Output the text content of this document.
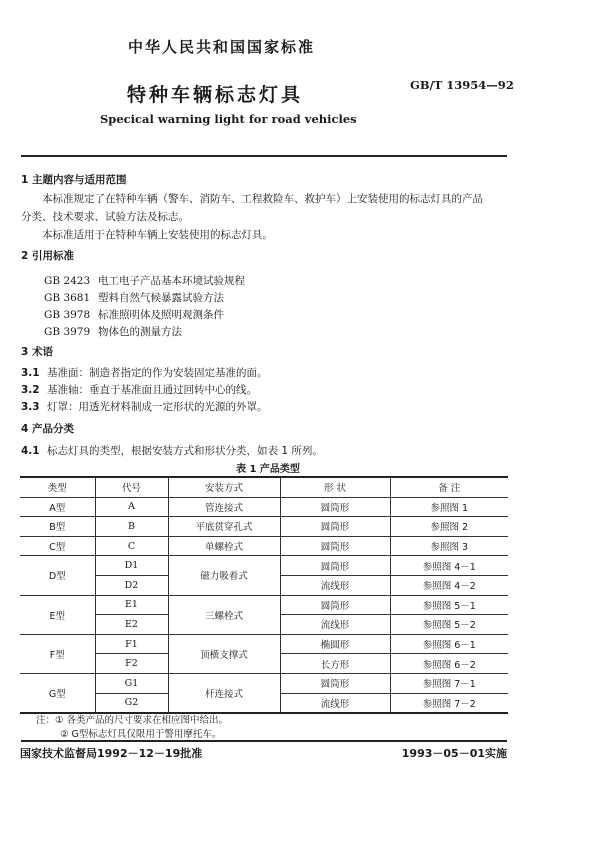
中华人民共和国国家标准
特种车辆标志灯具	GB/T 13954—92
Specical warning light for road vehicles
1 主题内容与适用范围
本标准规定了在特种车辆（警车、消防车、工程救险车、救护车）上安装使用的标志灯具的产品
分类、技术要求、试验方法及标志。
本标准适用于在特种车辆上安装使用的标志灯具。
2 引用标准
GB 2423 电工电子产品基本环境试验规程
GB 3681 塑料自然气候暴露试验方法
GB 3978 标准照明体及照明观测条件
GB 3979 物体色的测量方法
3 术语
3.1 基准面：制造者指定的作为安装固定基准的面。
3.2 基准轴：垂直于基准面且通过回转中心的线。
3.3 灯罩：用透光材料制成一定形状的光源的外罩。
4 产品分类
4.1 标志灯具的类型，根据安装方式和形状分类，如表 1 所列。
表 1 产品类型
类型	代号	安装方式	形 状	备 注
A型	A	管连接式	圆筒形	参照图 1
B型	B	平底贯穿孔式	圆筒形	参照图 2
C型	C	单螺栓式	圆筒形	参照图 3
D型	D1	磁力吸着式	圆筒形	参照图 4－1
	D2		流线形	参照图 4－2
E型	E1	三螺栓式	圆筒形	参照图 5－1
	E2		流线形	参照图 5－2
F型	F1	顶横支撑式	椭圆形	参照图 6－1
	F2		长方形	参照图 6－2
G型	G1	杆连接式	圆筒形	参照图 7－1
	G2		流线形	参照图 7－2
注：① 各类产品的尺寸要求在相应图中给出。
② G型标志灯具仅限用于警用摩托车。
国家技术监督局1992－12－19批准	1993－05－01实施
